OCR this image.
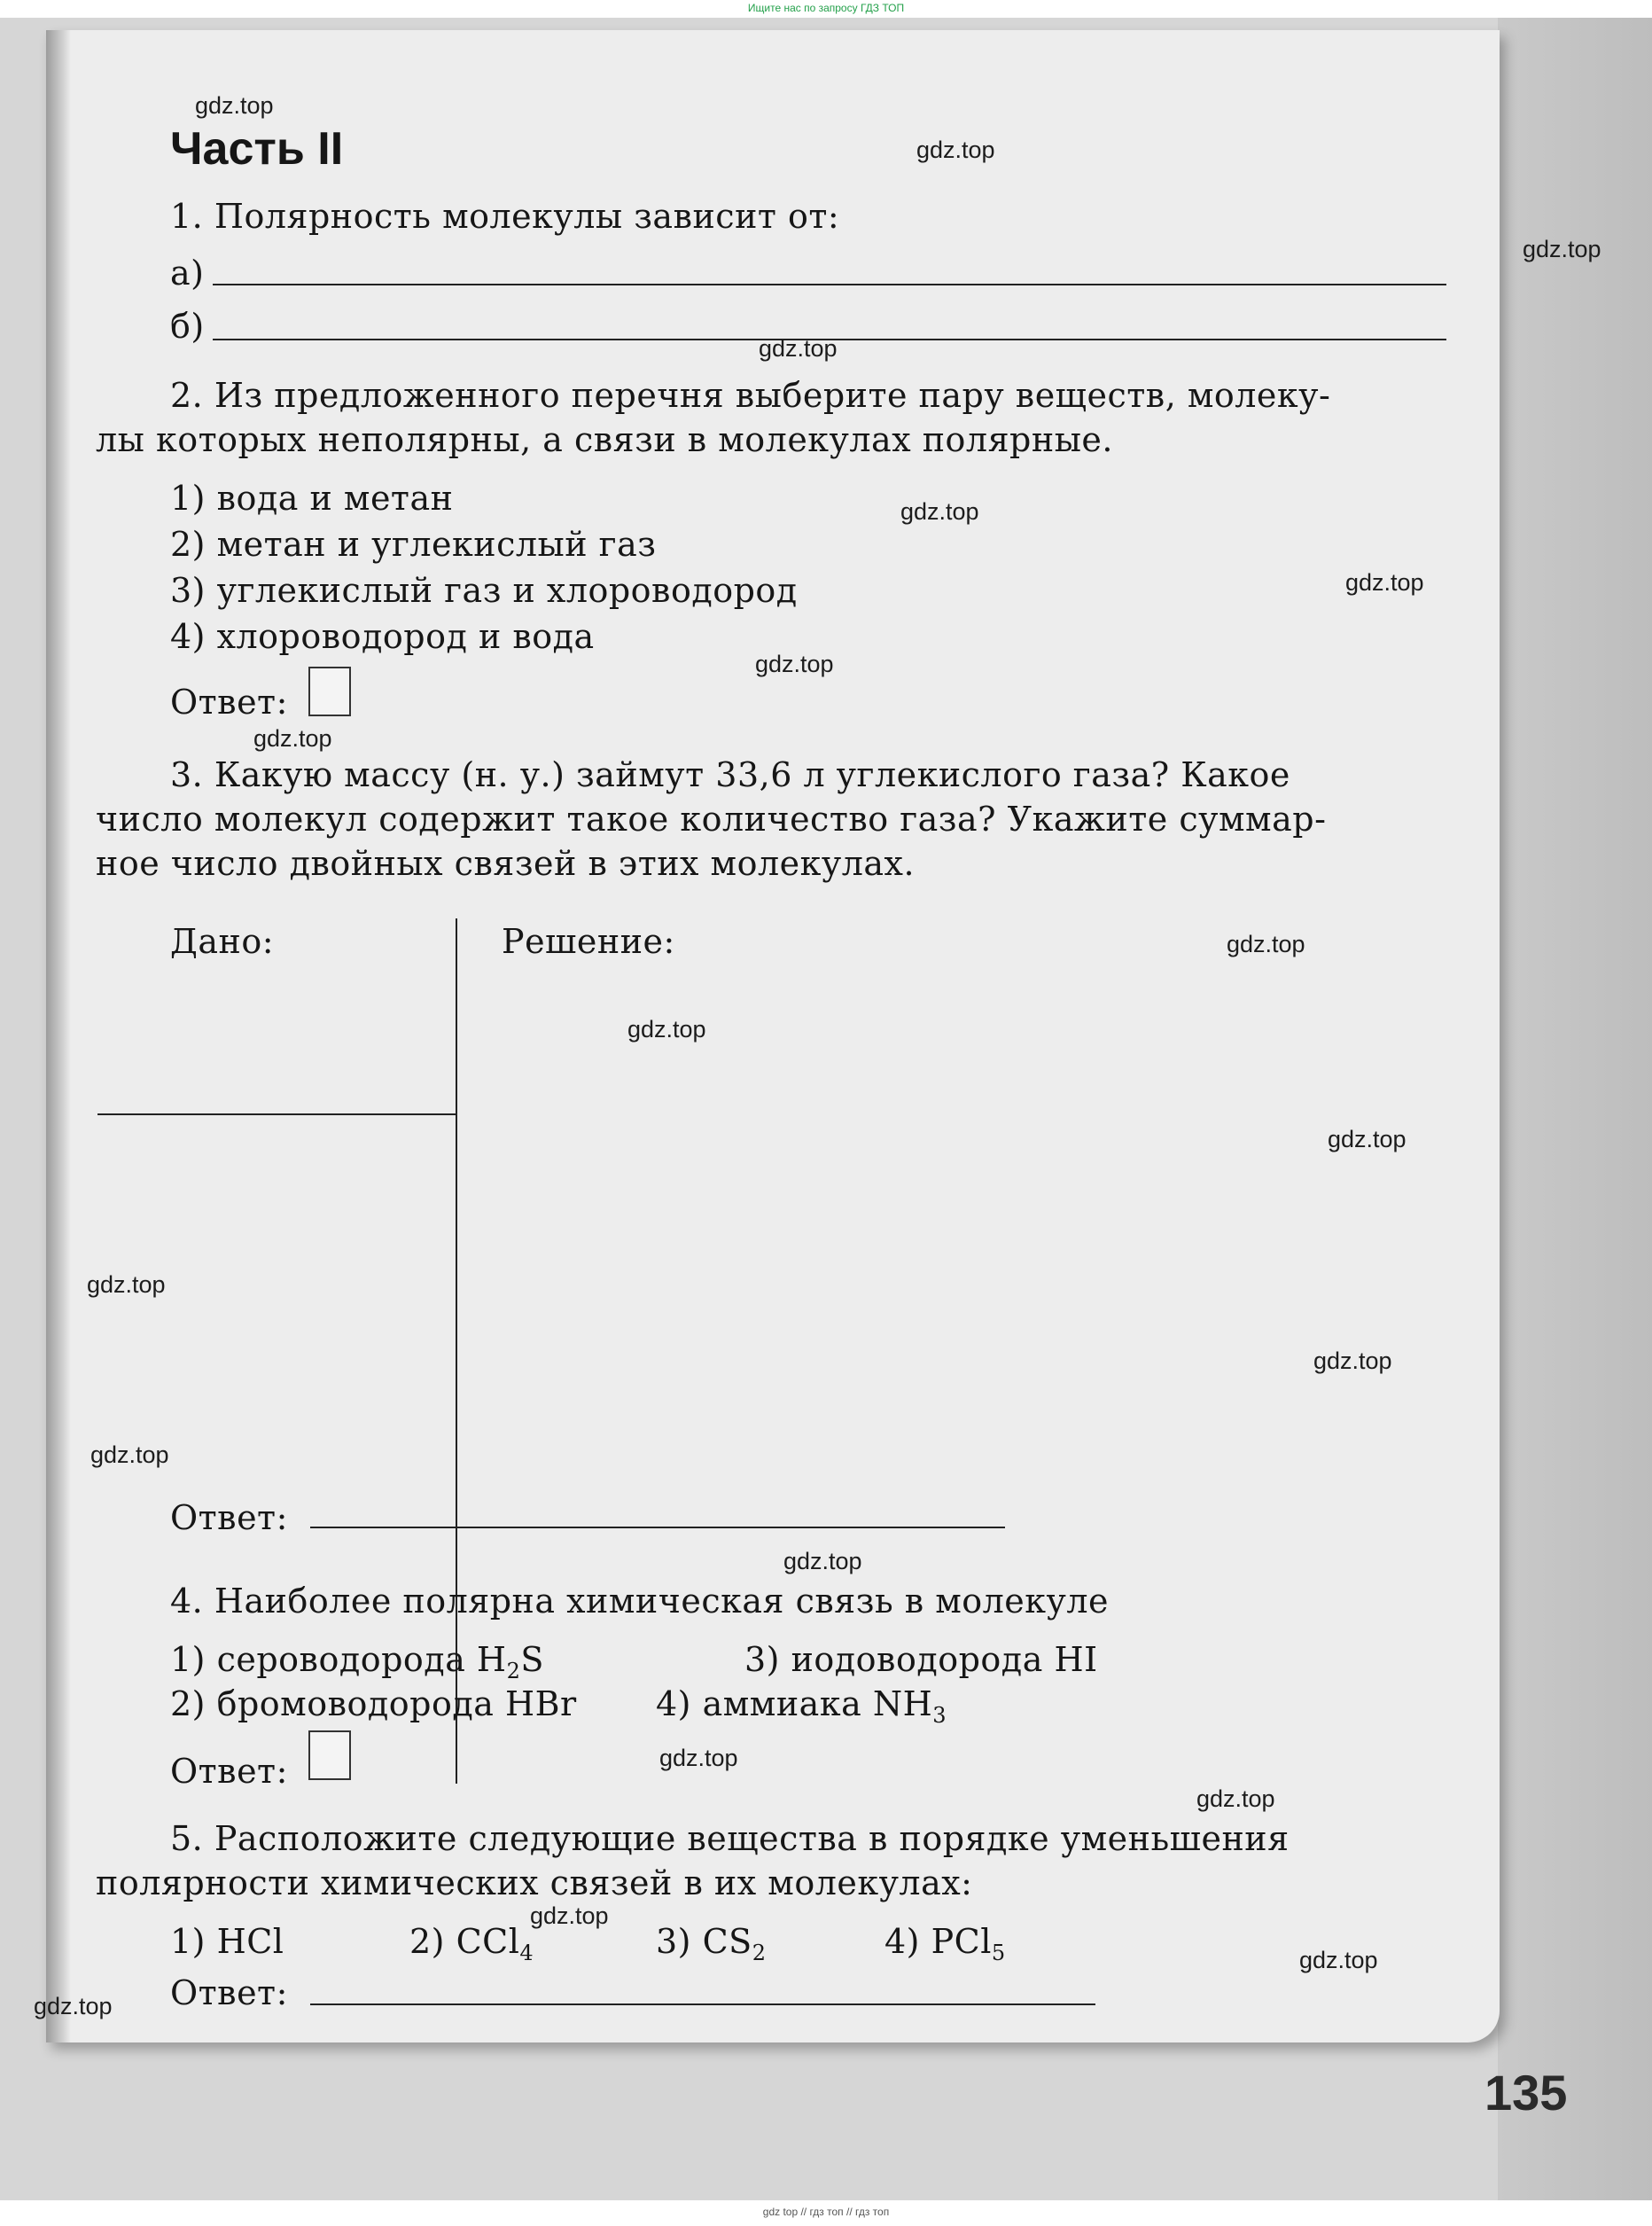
Ищите нас по запросу ГДЗ ТОП
Часть II
1. Полярность молекулы зависит от:
а)
б)
2. Из предложенного перечня выберите пару веществ, молеку-
лы которых неполярны, а связи в молекулах полярные.
1) вода и метан
2) метан и углекислый газ
3) углекислый газ и хлороводород
4) хлороводород и вода
Ответ:
3. Какую массу (н. у.) займут 33,6 л углекислого газа? Какое
число молекул содержит такое количество газа? Укажите суммар-
ное число двойных связей в этих молекулах.
Дано:	Решение:
Ответ:
4. Наиболее полярна химическая связь в молекуле
1) сероводорода $H_2S$	3) иодоводорода HI
2) бромоводорода HBr 4) аммиака $NH_3$
Ответ:
5. Расположите следующие вещества в порядке уменьшения
полярности химических связей в их молекулах:
1) HCl	2) CCl$_4$	3) $CS_2$	4) PCl$_5$
Ответ:
135
gdz.top
gdz.top
gdz.top
gdz.top
gdz.top
gdz.top
gdz.top
gdz.top
gdz.top
gdz.top
gdz.top
gdz.top
gdz.top
gdz.top
gdz.top
gdz.top
gdz.top
gdz.top
gdz.top
gdz.top
gdz top // гдз топ // гдз топ
